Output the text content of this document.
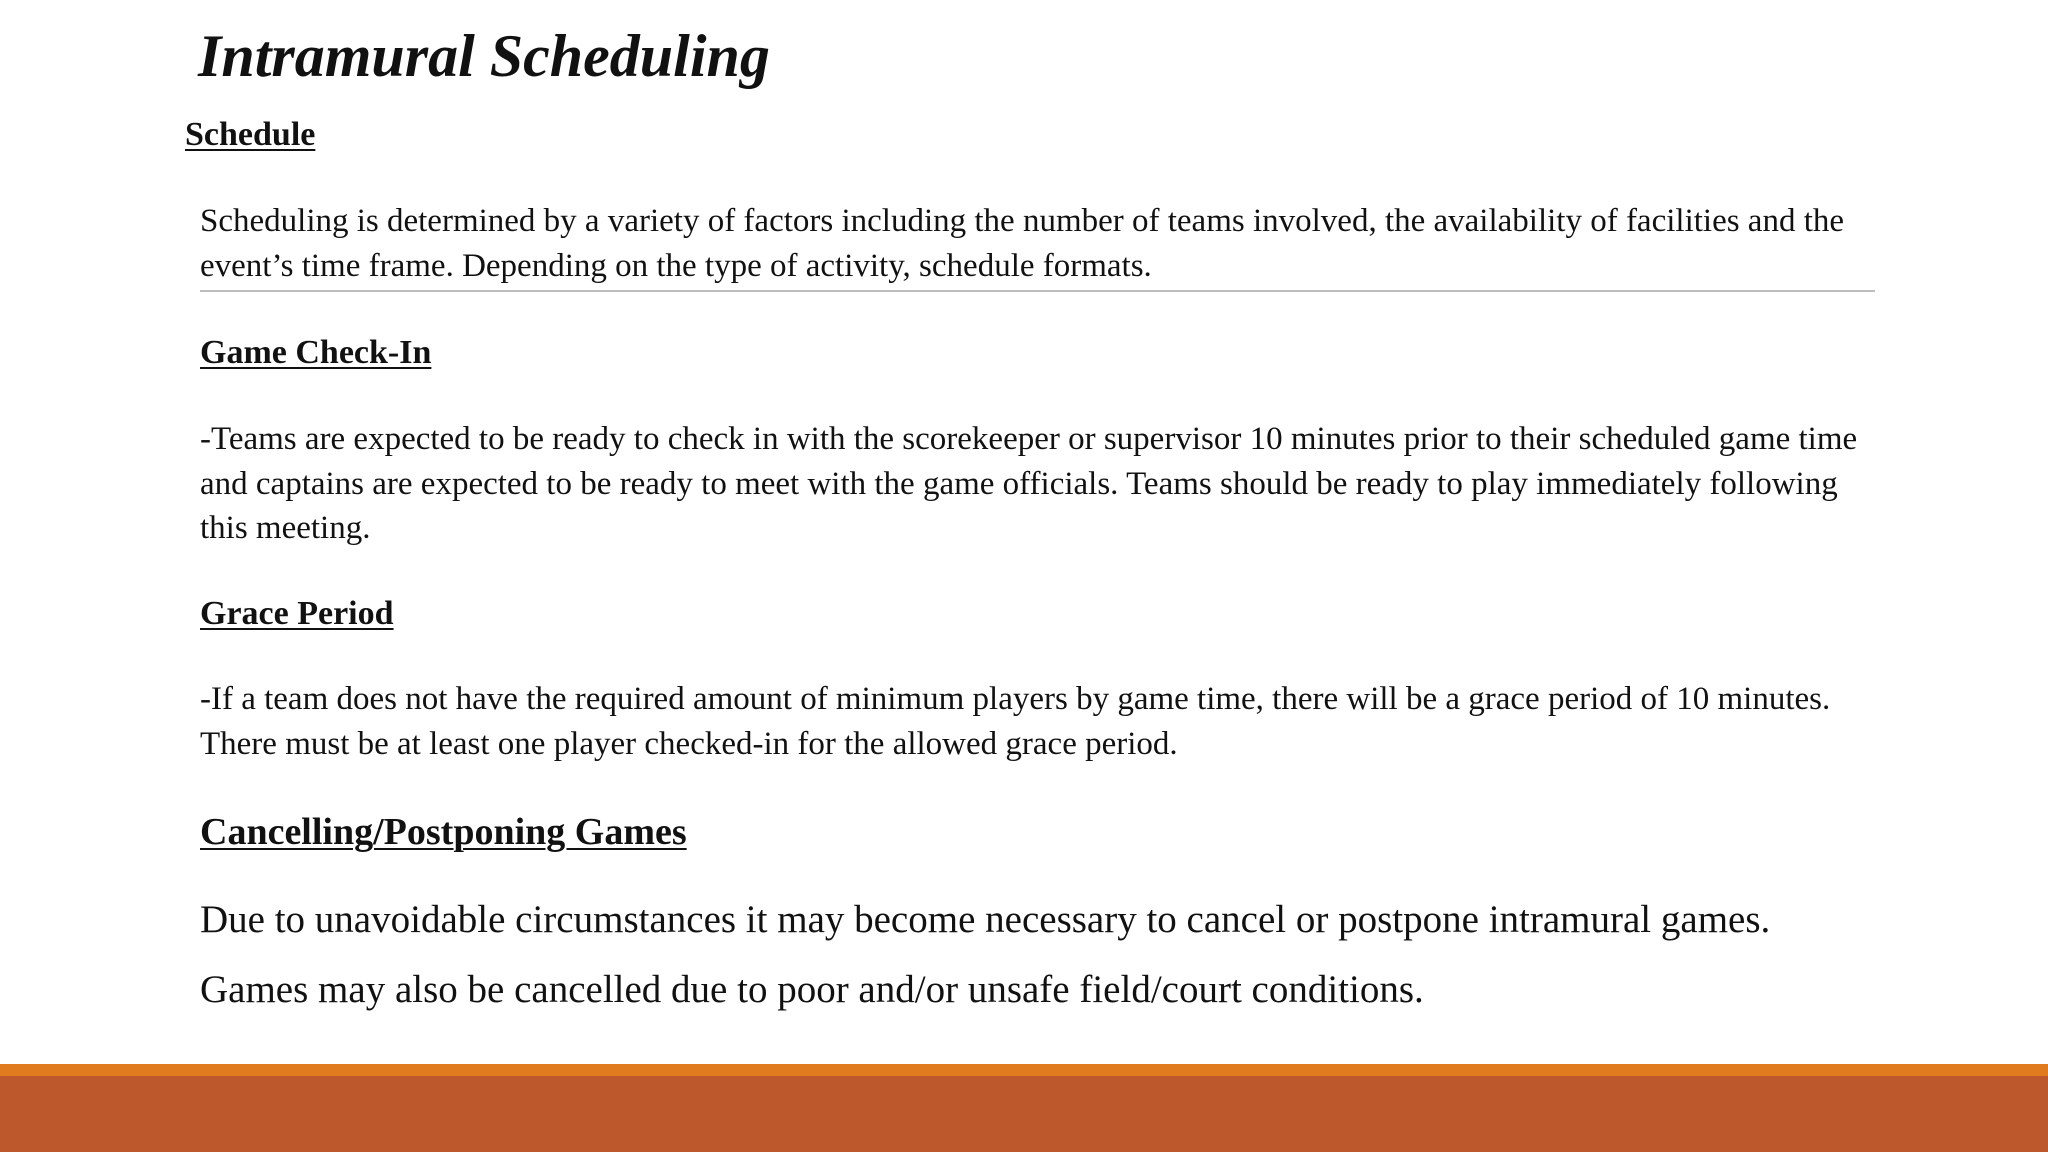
Intramural Scheduling
Schedule

Scheduling is determined by a variety of factors including the number of teams involved, the availability of facilities and the event’s time frame. Depending on the type of activity, schedule formats.

Game Check-In

-Teams are expected to be ready to check in with the scorekeeper or supervisor 10 minutes prior to their scheduled game time and captains are expected to be ready to meet with the game officials. Teams should be ready to play immediately following this meeting.

Grace Period

-If a team does not have the required amount of minimum players by game time, there will be a grace period of 10 minutes. There must be at least one player checked-in for the allowed grace period.

Cancelling/Postponing Games

Due to unavoidable circumstances it may become necessary to cancel or postpone intramural games.

Games may also be cancelled due to poor and/or unsafe field/court conditions.
